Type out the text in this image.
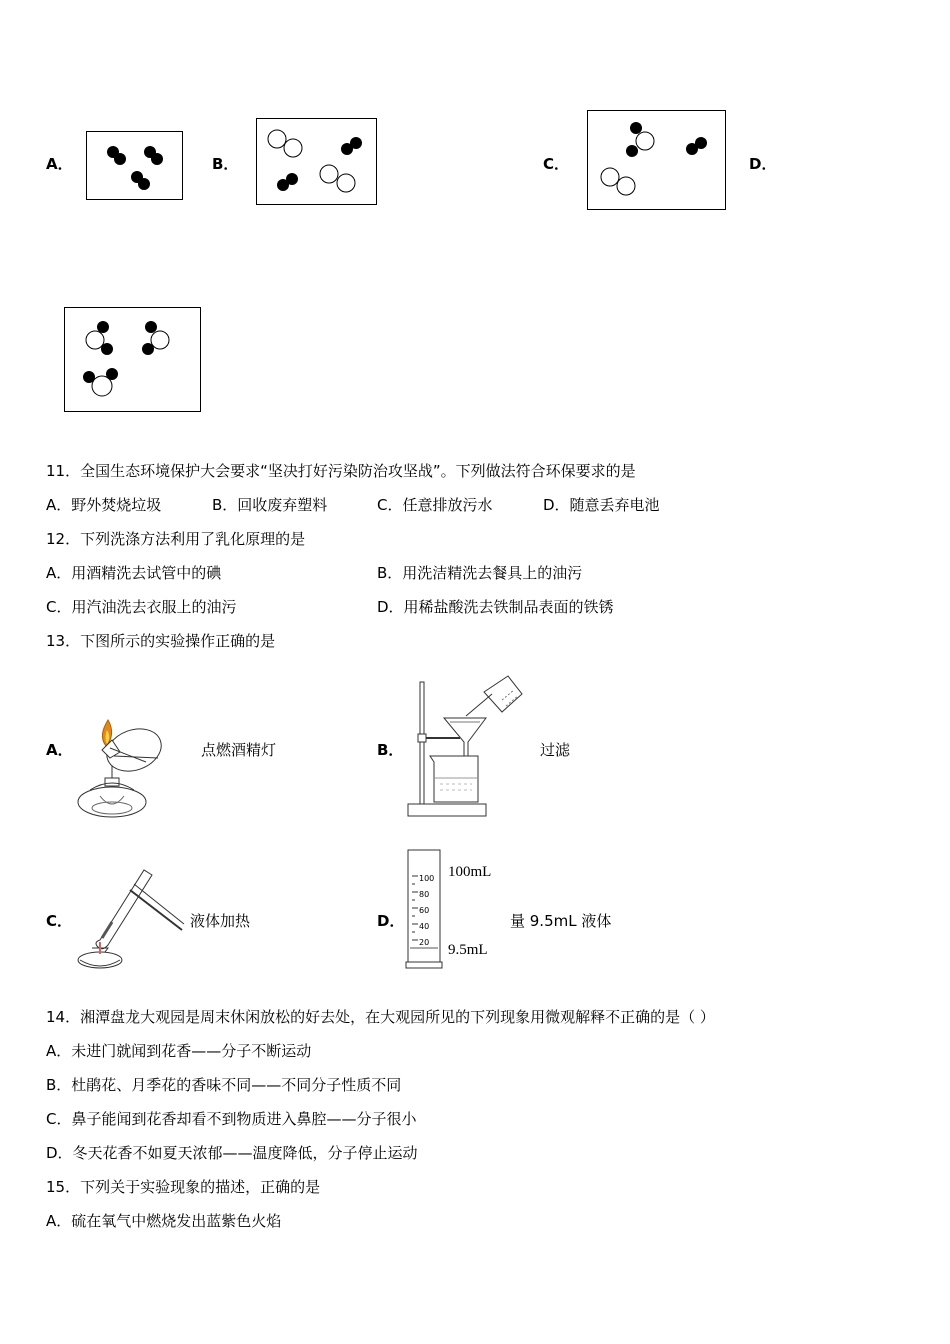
A．	B．	C．	D．
11．全国生态环境保护大会要求“坚决打好污染防治攻坚战”。下列做法符合环保要求的是
A．野外焚烧垃圾	B．回收废弃塑料	C．任意排放污水	D．随意丢弃电池
12．下列洗涤方法利用了乳化原理的是
A．用酒精洗去试管中的碘	B．用洗洁精洗去餐具上的油污
C．用汽油洗去衣服上的油污	D．用稀盐酸洗去铁制品表面的铁锈
13．下图所示的实验操作正确的是
A．	点燃酒精灯	B．	过滤
C．	液体加热	D．
100
80
60
40
20
100mL
9.5mL
量 9.5mL 液体
14．湘潭盘龙大观园是周末休闲放松的好去处，在大观园所见的下列现象用微观解释不正确的是（ ）
A．未进门就闻到花香——分子不断运动
B．杜鹃花、月季花的香味不同——不同分子性质不同
C．鼻子能闻到花香却看不到物质进入鼻腔——分子很小
D．冬天花香不如夏天浓郁——温度降低，分子停止运动
15．下列关于实验现象的描述，正确的是
A．硫在氧气中燃烧发出蓝紫色火焰
